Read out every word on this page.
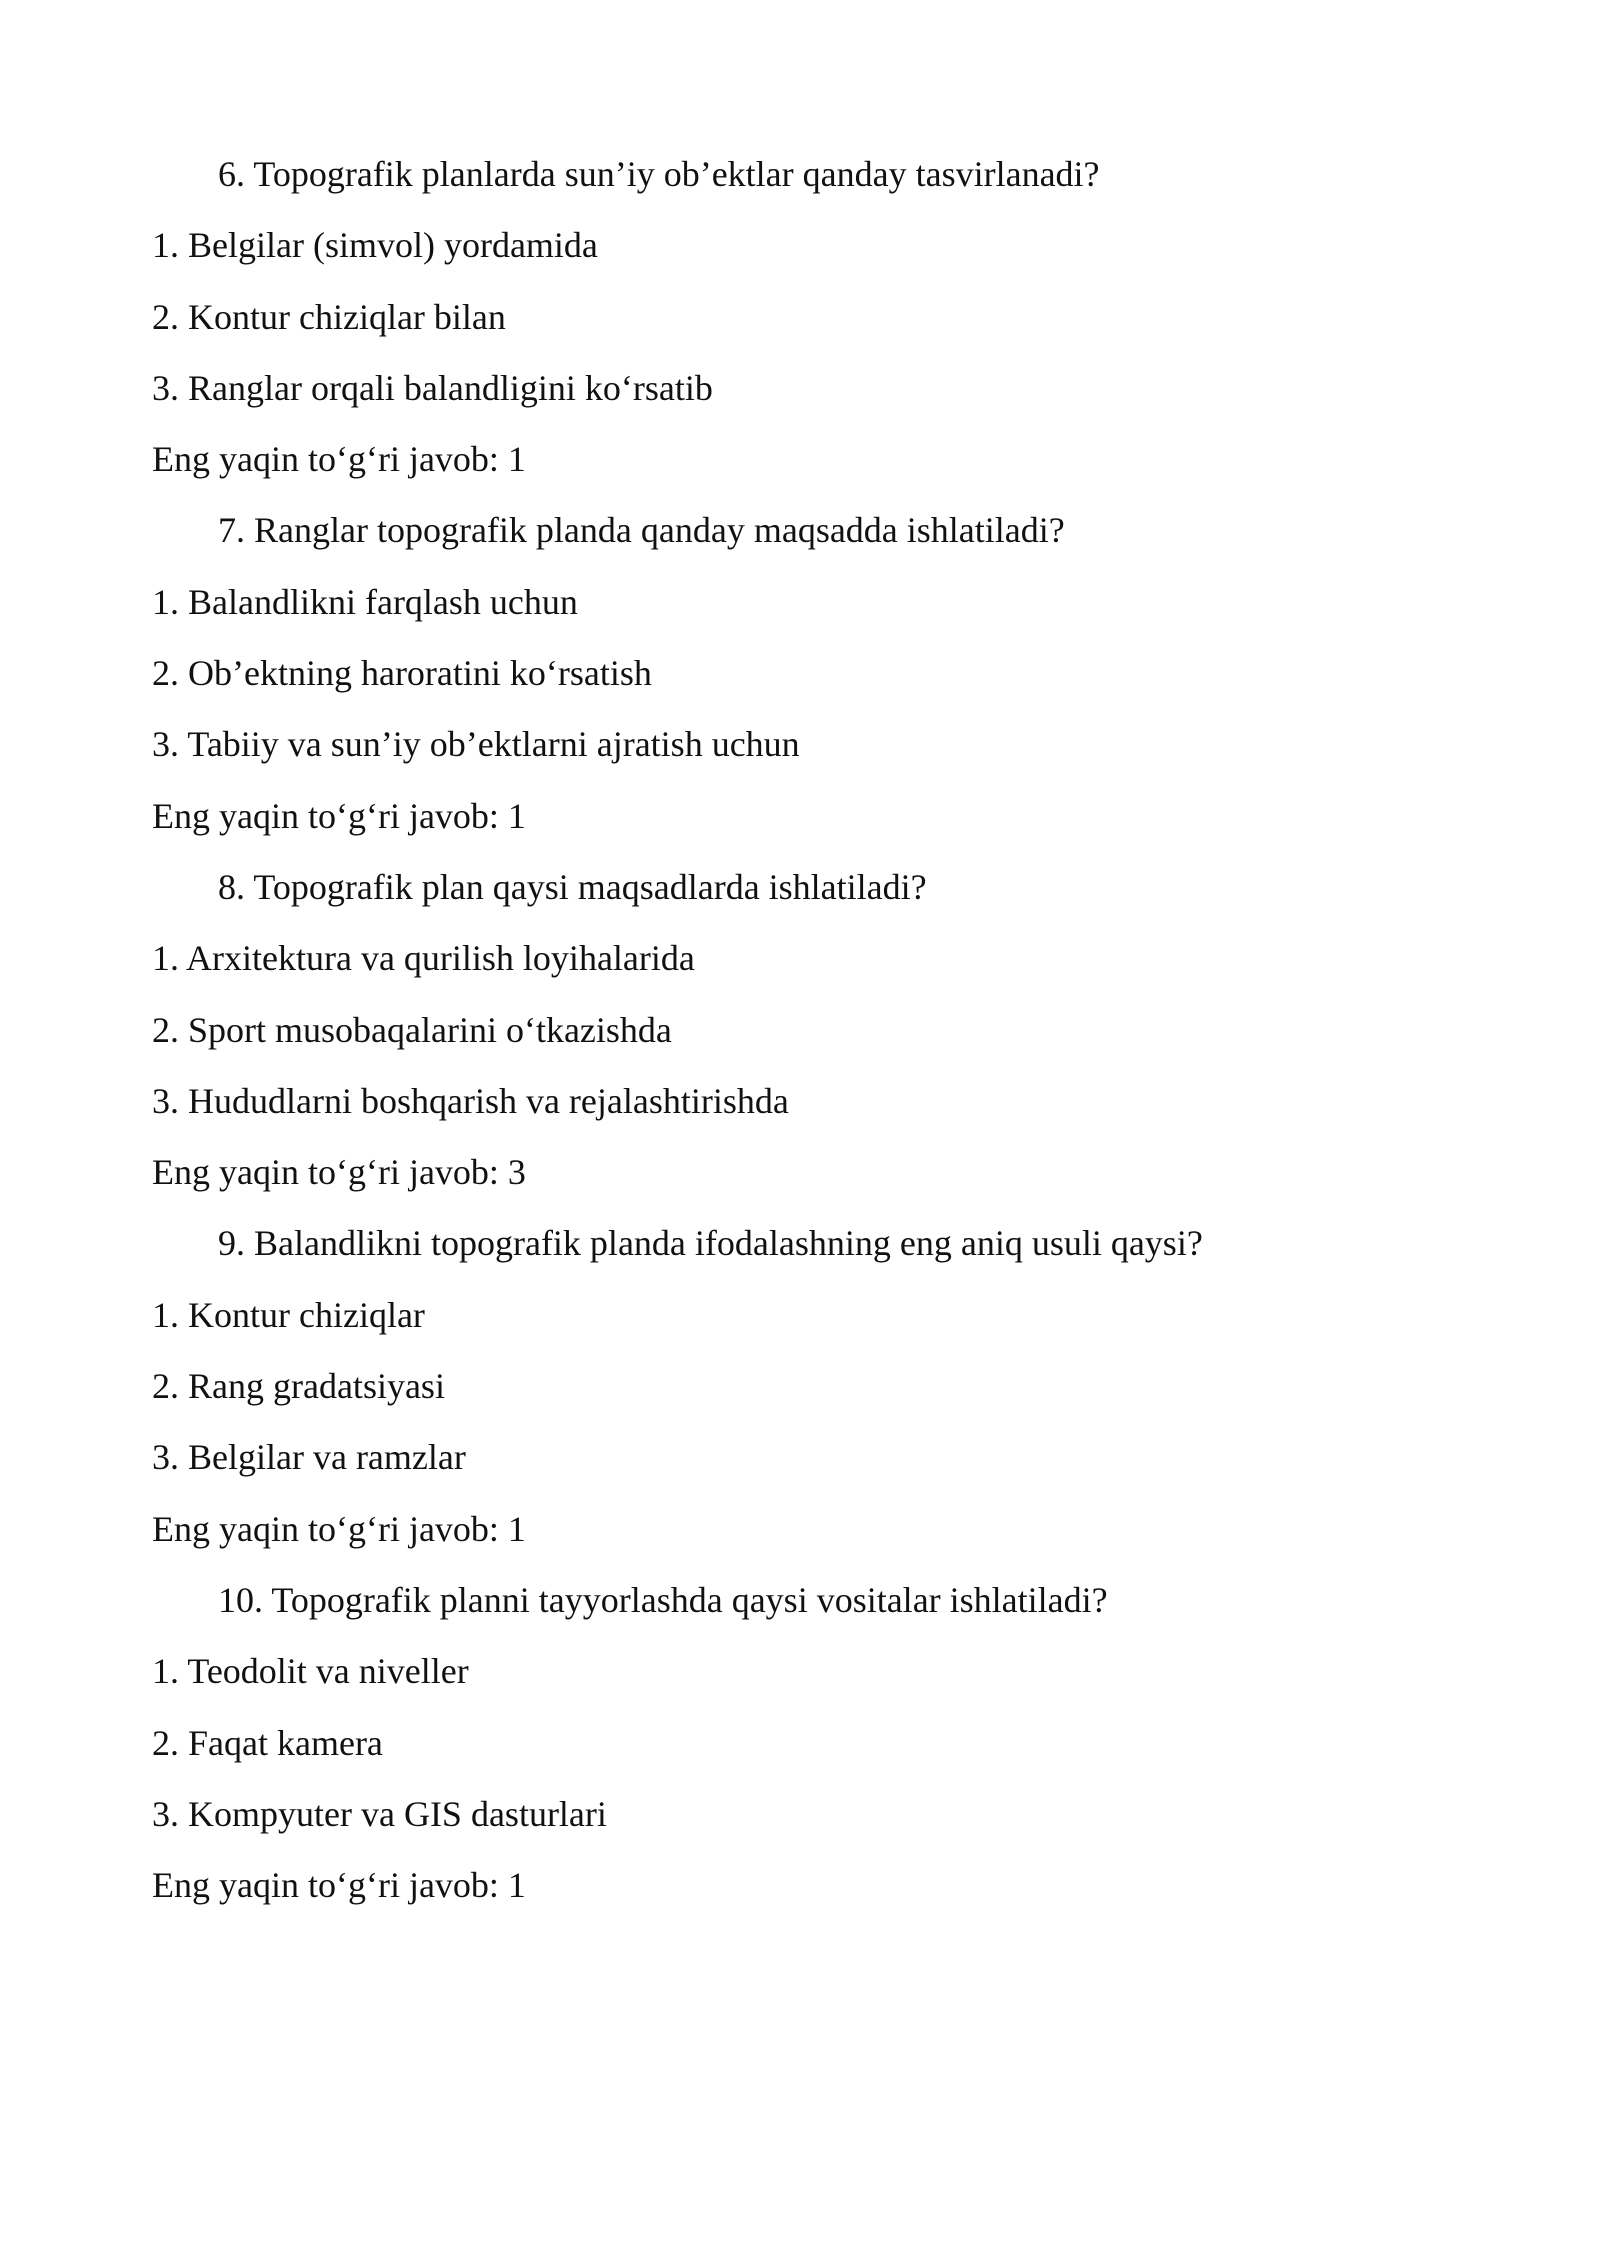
6. Topografik planlarda sun’iy ob’ektlar qanday tasvirlanadi?
1. Belgilar (simvol) yordamida
2. Kontur chiziqlar bilan
3. Ranglar orqali balandligini ko‘rsatib
Eng yaqin to‘g‘ri javob: 1
7. Ranglar topografik planda qanday maqsadda ishlatiladi?
1. Balandlikni farqlash uchun
2. Ob’ektning haroratini ko‘rsatish
3. Tabiiy va sun’iy ob’ektlarni ajratish uchun
Eng yaqin to‘g‘ri javob: 1
8. Topografik plan qaysi maqsadlarda ishlatiladi?
1. Arxitektura va qurilish loyihalarida
2. Sport musobaqalarini o‘tkazishda
3. Hududlarni boshqarish va rejalashtirishda
Eng yaqin to‘g‘ri javob: 3
9. Balandlikni topografik planda ifodalashning eng aniq usuli qaysi?
1. Kontur chiziqlar
2. Rang gradatsiyasi
3. Belgilar va ramzlar
Eng yaqin to‘g‘ri javob: 1
10. Topografik planni tayyorlashda qaysi vositalar ishlatiladi?
1. Teodolit va niveller
2. Faqat kamera
3. Kompyuter va GIS dasturlari
Eng yaqin to‘g‘ri javob: 1
